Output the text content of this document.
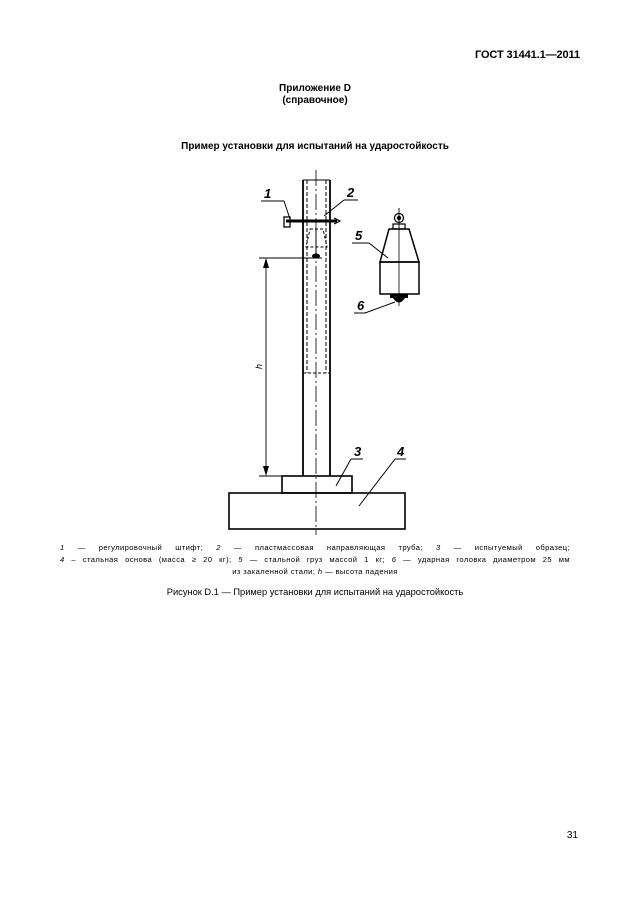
ГОСТ 31441.1—2011
Приложение D
(справочное)
Пример установки для испытаний на ударостойкость
h
1	2
5
6
3	4
1 — регулировочный штифт; 2 — пластмассовая направляющая труба; 3 — испытуемый образец;
4 – стальная основа (масса ≥ 20 кг); 5 — стальной груз массой 1 кг; 6 — ударная головка диаметром 25 мм
из закаленной стали; h — высота падения
Рисунок D.1 — Пример установки для испытаний на ударостойкость
31
